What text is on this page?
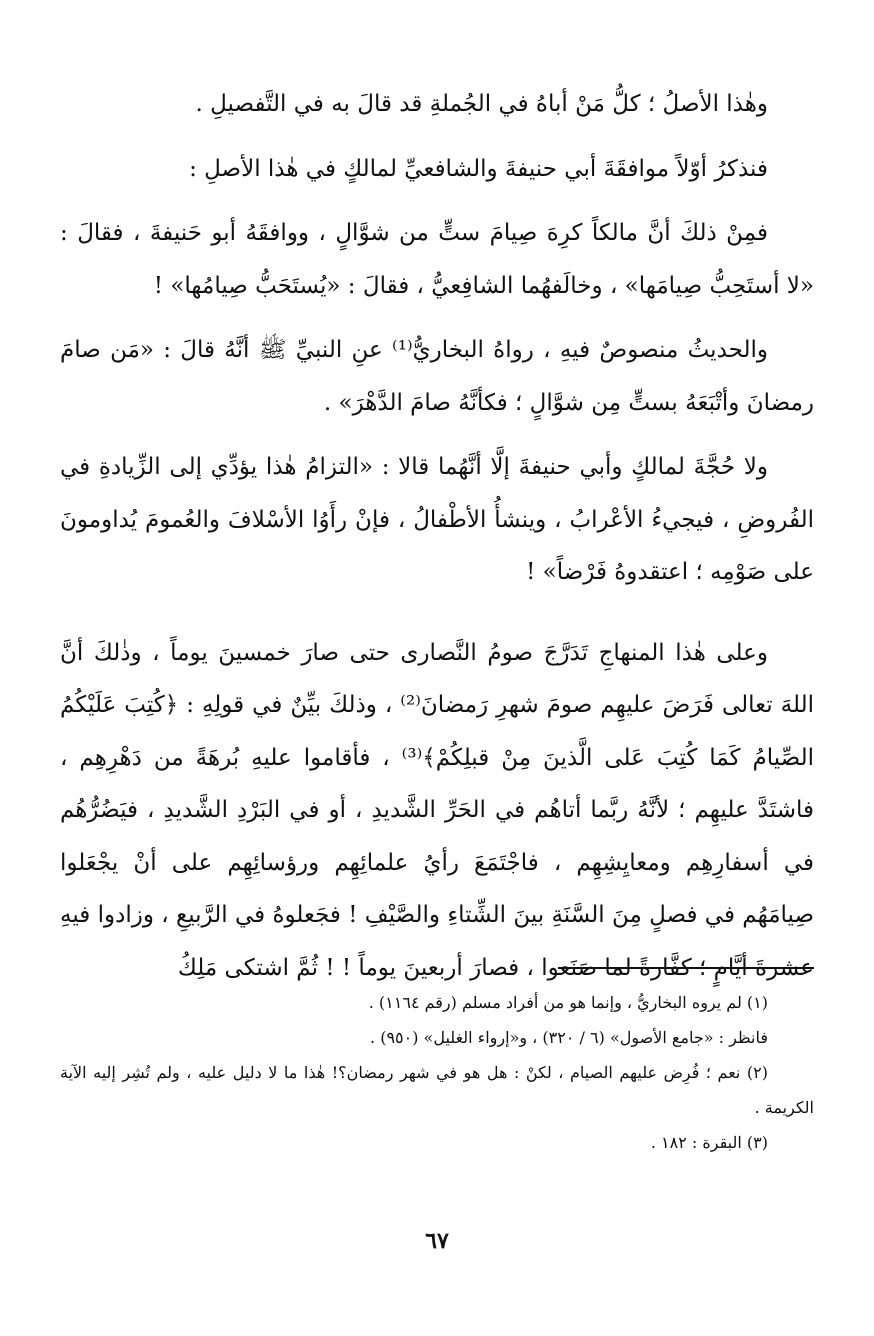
وهٰذا الأصلُ ؛ كلُّ مَنْ أباهُ في الجُملةِ قد قالَ به في التَّفصيلِ .

فنذكرُ أوّلاً موافقَةَ أبي حنيفةَ والشافعيِّ لمالكٍ في هٰذا الأصلِ :

فمِنْ ذلكَ أنَّ مالكاً كرِهَ صِيامَ ستٍّ من شوَّالٍ ، ووافقَهُ أبو حَنيفةَ ، فقالَ : «لا أستَحِبُّ صِيامَها» ، وخالَفهُما الشافِعيُّ ، فقالَ : «يُستَحَبُّ صِيامُها» !

والحديثُ منصوصٌ فيهِ ، رواهُ البخاريُّ⁽¹⁾ عنِ النبيِّ ﷺ أنَّهُ قالَ : «مَن صامَ رمضانَ وأتْبَعَهُ بستٍّ مِن شوَّالٍ ؛ فكأنَّهُ صامَ الدَّهْرَ» .

ولا حُجَّةَ لمالكٍ وأبي حنيفةَ إلَّا أنَّهُما قالا : «التزامُ هٰذا يؤدِّي إلى الزِّيادةِ في الفُروضِ ، فيجيءُ الأعْرابُ ، وينشأُ الأطْفالُ ، فإنْ رأَوُا الأسْلافَ والعُمومَ يُداومونَ على صَوْمِه ؛ اعتقدوهُ فَرْضاً» !

وعلى هٰذا المنهاجِ تَدَرَّجَ صومُ النَّصارى حتى صارَ خمسينَ يوماً ، وذٰلكَ أنَّ اللهَ تعالى فَرَضَ عليهِم صومَ شهرِ رَمضانَ⁽²⁾ ، وذلكَ بيِّنٌ في قولِهِ : ﴿كُتِبَ عَلَيْكُمُ الصِّيامُ كَمَا كُتِبَ عَلى الَّذينَ مِنْ قبلِكُمْ﴾⁽³⁾ ، فأقاموا عليهِ بُرهَةً من دَهْرِهِم ، فاشتَدَّ عليهِم ؛ لأنَّهُ ربَّما أتاهُم في الحَرِّ الشَّديدِ ، أو في البَرْدِ الشَّديدِ ، فيَضُرُّهُم في أسفارِهِم ومعايِشِهِم ، فاجْتَمَعَ رأيُ علمائِهِم ورؤسائِهِم على أنْ يجْعَلوا صِيامَهُم في فصلٍ مِنَ السَّنَةِ بينَ الشِّتاءِ والصَّيْفِ ! فجَعلوهُ في الرَّبيعِ ، وزادوا فيهِ عشرةَ أيَّامٍ ؛ كفَّارةً لما صَنَعوا ، فصارَ أربعينَ يوماً ! ! ثُمَّ اشتكى مَلِكُ

(١) لم يروه البخاريُّ ، وإنما هو من أفراد مسلم (رقم ١١٦٤) .

فانظر : «جامع الأصول» (٦ / ٣٢٠) ، و«إرواء الغليل» (٩٥٠) .

(٢) نعم ؛ فُرِض عليهم الصيام ، لكنْ : هل هو في شهر رمضان؟! هٰذا ما لا دليل عليه ، ولم تُشِر إليه الآية الكريمة .

(٣) البقرة : ١٨٢ .

٦٧
